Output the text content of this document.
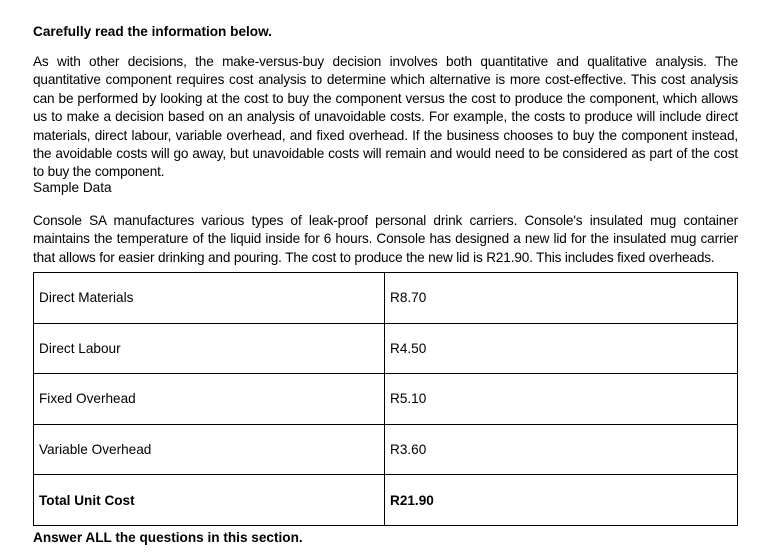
Carefully read the information below.
As with other decisions, the make-versus-buy decision involves both quantitative and qualitative analysis. The quantitative component requires cost analysis to determine which alternative is more cost-effective. This cost analysis can be performed by looking at the cost to buy the component versus the cost to produce the component, which allows us to make a decision based on an analysis of unavoidable costs. For example, the costs to produce will include direct materials, direct labour, variable overhead, and fixed overhead. If the business chooses to buy the component instead, the avoidable costs will go away, but unavoidable costs will remain and would need to be considered as part of the cost to buy the component.
Sample Data
Console SA manufactures various types of leak-proof personal drink carriers. Console's insulated mug container maintains the temperature of the liquid inside for 6 hours. Console has designed a new lid for the insulated mug carrier that allows for easier drinking and pouring. The cost to produce the new lid is R21.90. This includes fixed overheads.
Direct Materials	R8.70
Direct Labour	R4.50
Fixed Overhead	R5.10
Variable Overhead	R3.60
Total Unit Cost	R21.90
Answer ALL the questions in this section.
